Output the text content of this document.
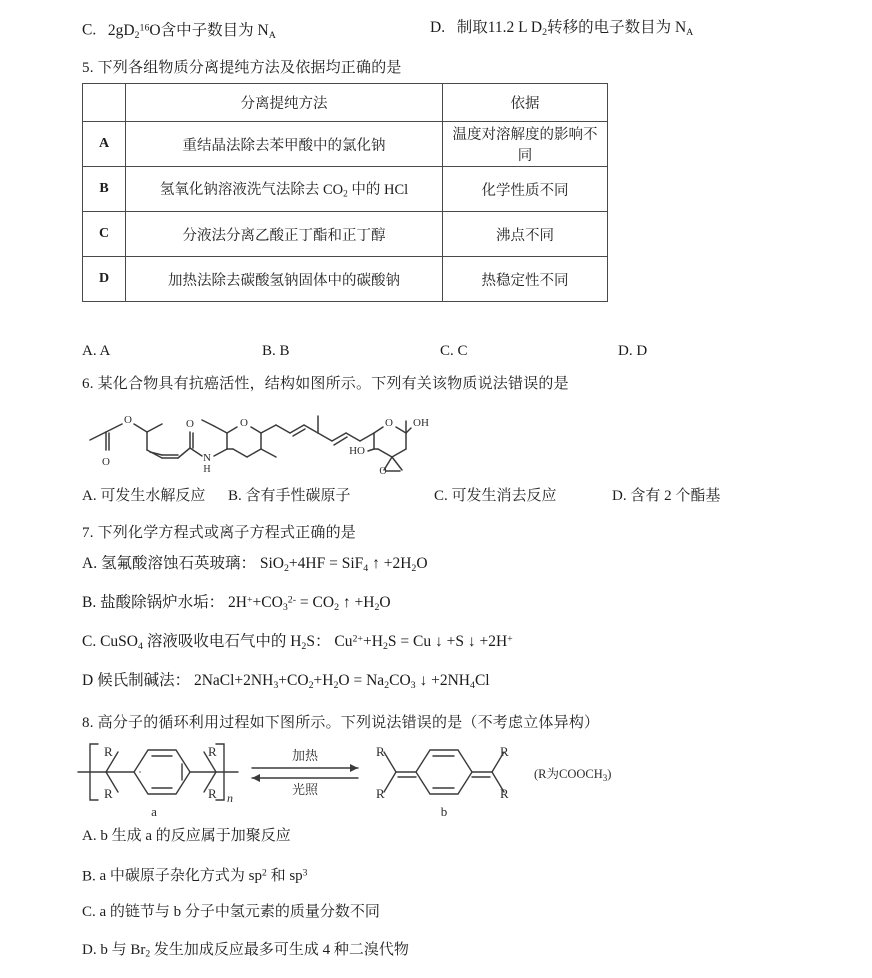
C. $2gD_2^{16}O$含中子数目为 $N_A$	D. 制取11.2 L $D_2$转移的电子数目为 $N_A$
5. 下列各组物质分离提纯方法及依据均正确的是
	分离提纯方法	依据
A	重结晶法除去苯甲酸中的氯化钠	温度对溶解度的影响不同
B	氢氧化钠溶液洗气法除去 $CO_2$ 中的 HCl	化学性质不同
C	分液法分离乙酸正丁酯和正丁醇	沸点不同
D	加热法除去碳酸氢钠固体中的碳酸钠	热稳定性不同
A. A	B. B	C. C	D. D
6. 某化合物具有抗癌活性，结构如图所示。下列有关该物质说法错误的是
O
O	O
N
H
O	O OH
HO
O
A. 可发生水解反应 B. 含有手性碳原子	C. 可发生消去反应	D. 含有 2 个酯基
7. 下列化学方程式或离子方程式正确的是
A. 氢氟酸溶蚀石英玻璃： SiO$_2$+4HF = SiF$_4$ ↑ $+2H_2O$
B. 盐酸除锅炉水垢： $2H^++CO_3^{2-} = CO_2$ ↑ $+H_2O$
C. CuSO$_4$ 溶液吸收电石气中的 $H_2S$： $Cu^{2+}+H_2S = Cu$ ↓ +S ↓ +2H+
D 候氏制碱法： $2NaCl+2NH_3+CO_2+H_2O = Na_2CO_3$ ↓ $+2NH_4Cl$
8. 高分子的循环利用过程如下图所示。下列说法错误的是（不考虑立体异构）
R
R
R
R n
a
加热
光照
R
R
R
R
b
(R为$COOCH_3$)
A. b 生成 a 的反应属于加聚反应
B. a 中碳原子杂化方式为 $sp^2$ 和 $sp^3$
C. a 的链节与 b 分子中氢元素的质量分数不同
D. b 与 $Br_2$ 发生加成反应最多可生成 4 种二溴代物
